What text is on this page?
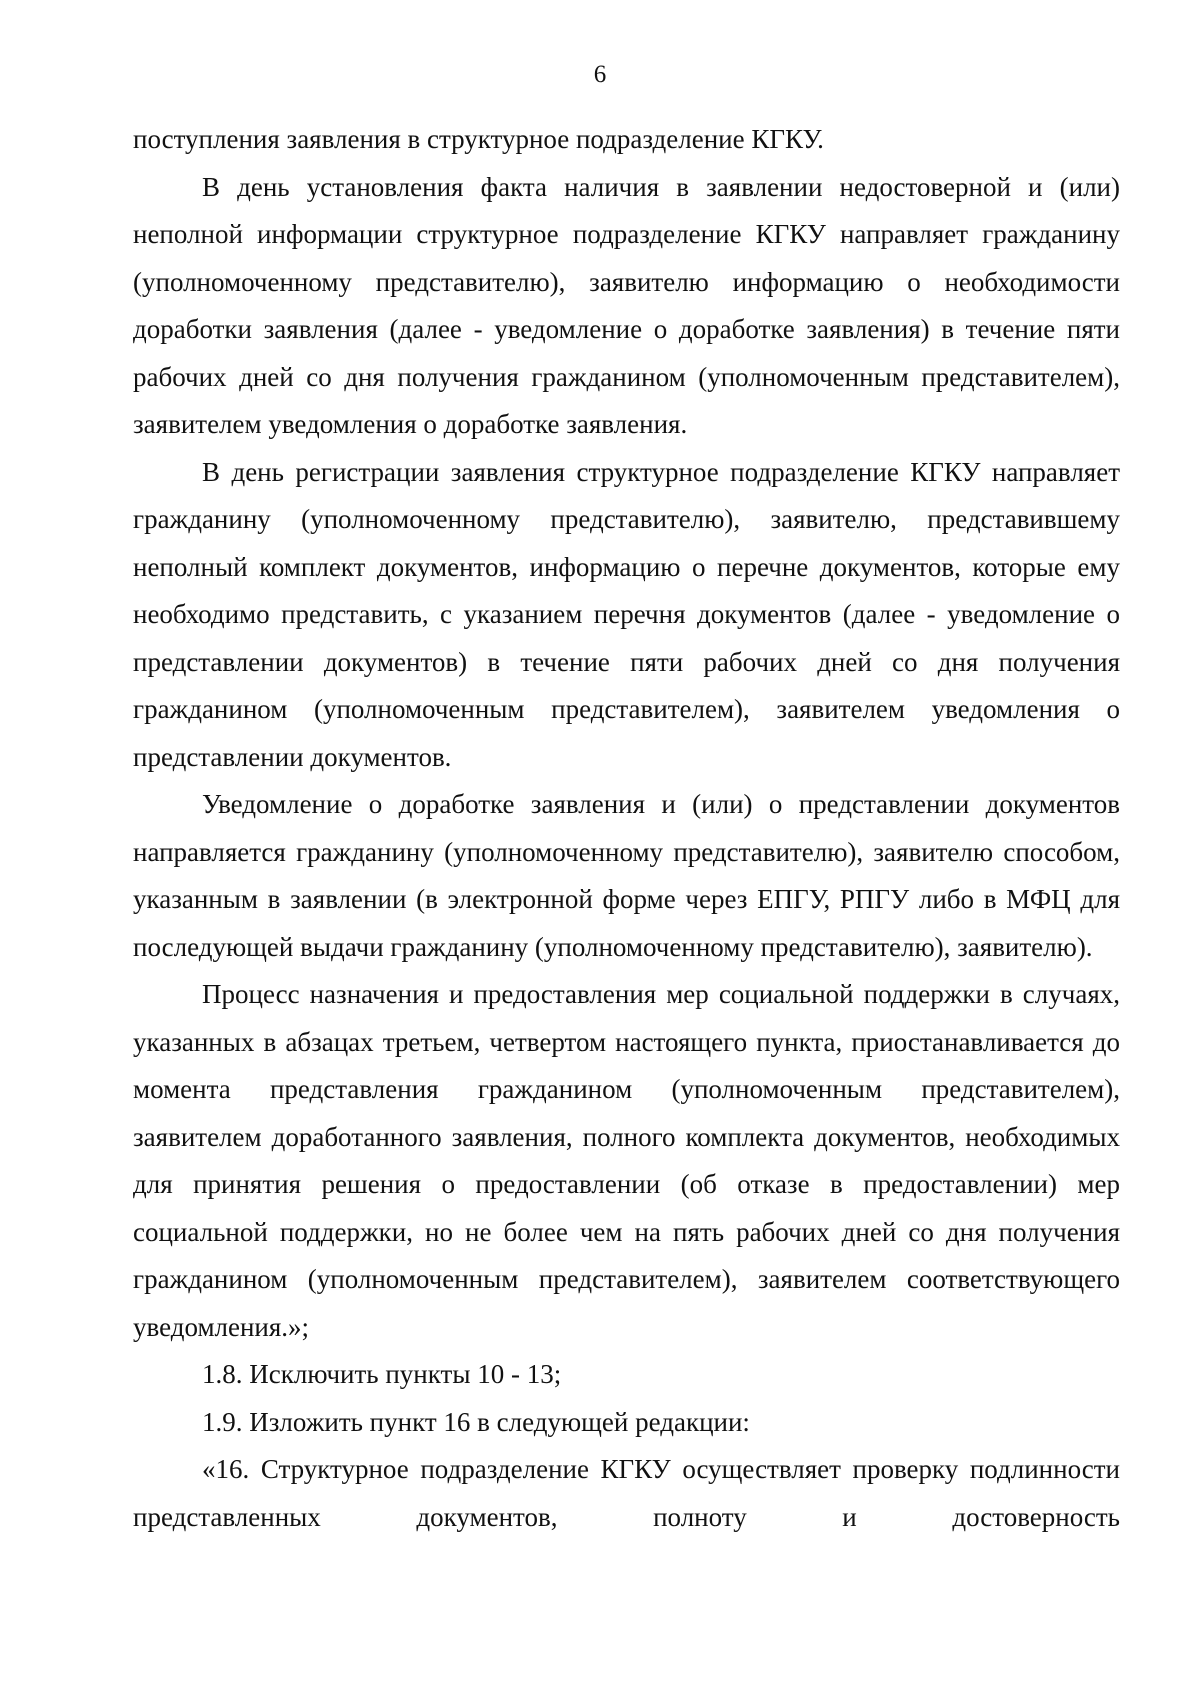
6

поступления заявления в структурное подразделение КГКУ.

В день установления факта наличия в заявлении недостоверной и (или) неполной информации структурное подразделение КГКУ направляет гражданину (уполномоченному представителю), заявителю информацию о необходимости доработки заявления (далее - уведомление о доработке заявления) в течение пяти рабочих дней со дня получения гражданином (уполномоченным представителем), заявителем уведомления о доработке заявления.

В день регистрации заявления структурное подразделение КГКУ направляет гражданину (уполномоченному представителю), заявителю, представившему неполный комплект документов, информацию о перечне документов, которые ему необходимо представить, с указанием перечня документов (далее - уведомление о представлении документов) в течение пяти рабочих дней со дня получения гражданином (уполномоченным представителем), заявителем уведомления о представлении документов.

Уведомление о доработке заявления и (или) о представлении документов направляется гражданину (уполномоченному представителю), заявителю способом, указанным в заявлении (в электронной форме через ЕПГУ, РПГУ либо в МФЦ для последующей выдачи гражданину (уполномоченному представителю), заявителю).

Процесс назначения и предоставления мер социальной поддержки в случаях, указанных в абзацах третьем, четвертом настоящего пункта, приостанавливается до момента представления гражданином (уполномоченным представителем), заявителем доработанного заявления, полного комплекта документов, необходимых для принятия решения о предоставлении (об отказе в предоставлении) мер социальной поддержки, но не более чем на пять рабочих дней со дня получения гражданином (уполномоченным представителем), заявителем соответствующего уведомления.»;

1.8. Исключить пункты 10 - 13;

1.9. Изложить пункт 16 в следующей редакции:

«16. Структурное подразделение КГКУ осуществляет проверку подлинности представленных документов, полноту и достоверность
